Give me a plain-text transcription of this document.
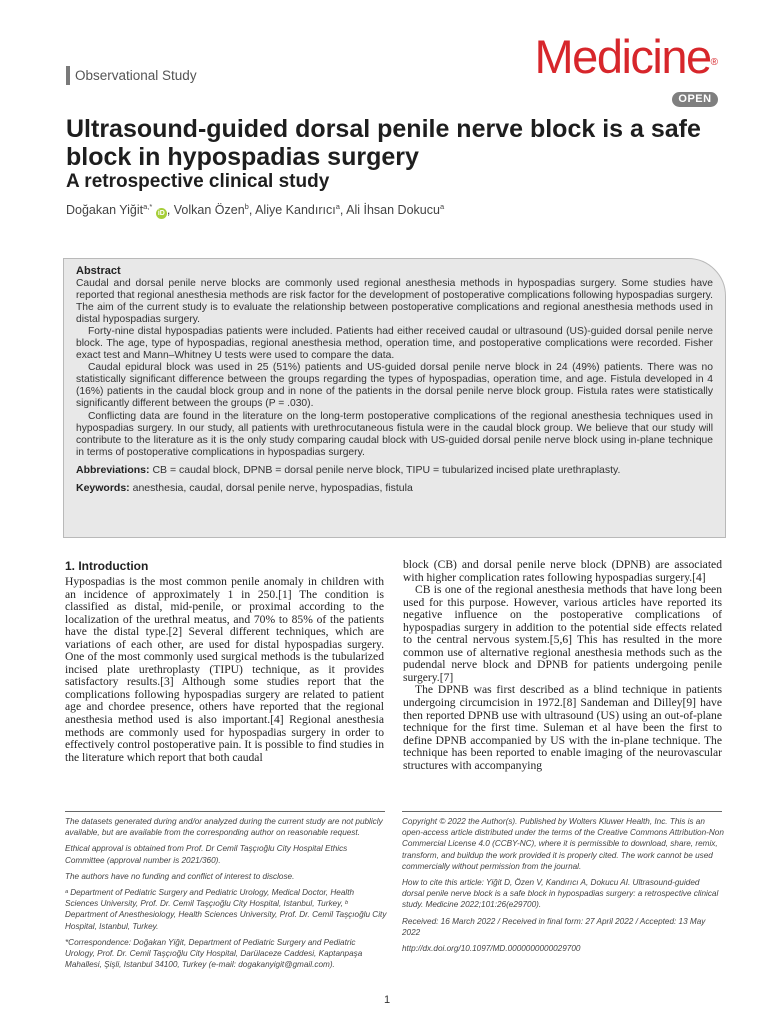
Observational Study	Medicine®
OPEN
Ultrasound-guided dorsal penile nerve block is a safe block in hypospadias surgery
A retrospective clinical study
Doğakan Yiğit$^{a,*}$ iD , Volkan Özen$^b$, Aliye Kandırıcı$^a$, Ali İhsan Dokucu$^a$
Abstract

Caudal and dorsal penile nerve blocks are commonly used regional anesthesia methods in hypospadias surgery. Some studies have reported that regional anesthesia methods are risk factor for the development of postoperative complications following hypospadias surgery. The aim of the current study is to evaluate the relationship between postoperative complications and regional anesthesia methods used in distal hypospadias surgery.

Forty-nine distal hypospadias patients were included. Patients had either received caudal or ultrasound (US)-guided dorsal penile nerve block. The age, type of hypospadias, regional anesthesia method, operation time, and postoperative complications were recorded. Fisher exact test and Mann–Whitney U tests were used to compare the data.

Caudal epidural block was used in 25 (51%) patients and US-guided dorsal penile nerve block in 24 (49%) patients. There was no statistically significant difference between the groups regarding the types of hypospadias, operation time, and age. Fistula developed in 4 (16%) patients in the caudal block group and in none of the patients in the dorsal penile nerve block group. Fistula rates were statistically significantly different between the groups (P = .030).

Conflicting data are found in the literature on the long-term postoperative complications of the regional anesthesia techniques used in hypospadias surgery. In our study, all patients with urethrocutaneous fistula were in the caudal block group. We believe that our study will contribute to the literature as it is the only study comparing caudal block with US-guided dorsal penile nerve block using in-plane technique in terms of postoperative complications in hypospadias surgery.

Abbreviations: CB = caudal block, DPNB = dorsal penile nerve block, TIPU = tubularized incised plate urethraplasty.
Keywords: anesthesia, caudal, dorsal penile nerve, hypospadias, fistula
1. Introduction

Hypospadias is the most common penile anomaly in children with an incidence of approximately 1 in 250.[1] The condition is classified as distal, mid-penile, or proximal according to the localization of the urethral meatus, and 70% to 85% of the patients have the distal type.[2] Several different techniques, which are variations of each other, are used for distal hypospadias surgery. One of the most commonly used surgical methods is the tubularized incised plate urethroplasty (TIPU) technique, as it provides satisfactory results.[3] Although some studies report that the complications following hypospadias surgery are related to patient age and chordee presence, others have reported that the regional anesthesia method used is also important.[4] Regional anesthesia methods are commonly used for hypospadias surgery in order to effectively control postoperative pain. It is possible to find studies in the literature which report that both caudal

block (CB) and dorsal penile nerve block (DPNB) are associated with higher complication rates following hypospadias surgery.[4]

CB is one of the regional anesthesia methods that have long been used for this purpose. However, various articles have reported its negative influence on the postoperative complications of hypospadias surgery in addition to the potential side effects related to the central nervous system.[5,6] This has resulted in the more common use of alternative regional anesthesia methods such as the pudendal nerve block and DPNB for patients undergoing penile surgery.[7]

The DPNB was first described as a blind technique in patients undergoing circumcision in 1972.[8] Sandeman and Dilley[9] have then reported DPNB use with ultrasound (US) using an out-of-plane technique for the first time. Suleman et al have been the first to define DPNB accompanied by US with the in-plane technique. The technique has been reported to enable imaging of the neurovascular structures with accompanying

The datasets generated during and/or analyzed during the current study are not publicly available, but are available from the corresponding author on reasonable request.

Ethical approval is obtained from Prof. Dr Cemil Taşçıoğlu City Hospital Ethics Committee (approval number is 2021/360).

The authors have no funding and conflict of interest to disclose.

ᵃ Department of Pediatric Surgery and Pediatric Urology, Medical Doctor, Health Sciences University, Prof. Dr. Cemil Taşçıoğlu City Hospital, Istanbul, Turkey, ᵇ Department of Anesthesiology, Health Sciences University, Prof. Dr. Cemil Taşçıoğlu City Hospital, Istanbul, Turkey.

*Correspondence: Doğakan Yiğit, Department of Pediatric Surgery and Pediatric Urology, Prof. Dr. Cemil Taşçıoğlu City Hospital, Darülaceze Caddesi, Kaptanpaşa Mahallesi, Şişli, Istanbul 34100, Turkey (e-mail: dogakanyigit@gmail.com).

Copyright © 2022 the Author(s). Published by Wolters Kluwer Health, Inc. This is an open-access article distributed under the terms of the Creative Commons Attribution-Non Commercial License 4.0 (CCBY-NC), where it is permissible to download, share, remix, transform, and buildup the work provided it is properly cited. The work cannot be used commercially without permission from the journal.

How to cite this article: Yiğit D, Özen V, Kandırıcı A, Dokucu AI. Ultrasound-guided dorsal penile nerve block is a safe block in hypospadias surgery: a retrospective clinical study. Medicine 2022;101:26(e29700).

Received: 16 March 2022 / Received in final form: 27 April 2022 / Accepted: 13 May 2022

http://dx.doi.org/10.1097/MD.0000000000029700

1
